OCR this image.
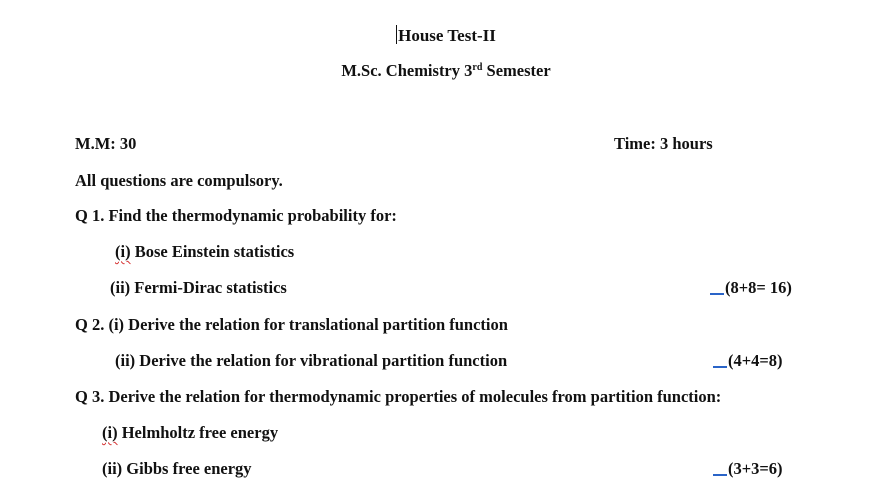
House Test-II
M.Sc. Chemistry 3rd Semester
M.M: 30	Time: 3 hours
All questions are compulsory.
Q 1. Find the thermodynamic probability for:
(i) Bose Einstein statistics
(ii) Fermi-Dirac statistics	(8+8= 16)
Q 2. (i) Derive the relation for translational partition function
(ii) Derive the relation for vibrational partition function	(4+4=8)
Q 3. Derive the relation for thermodynamic properties of molecules from partition function:
(i) Helmholtz free energy
(ii) Gibbs free energy	(3+3=6)
